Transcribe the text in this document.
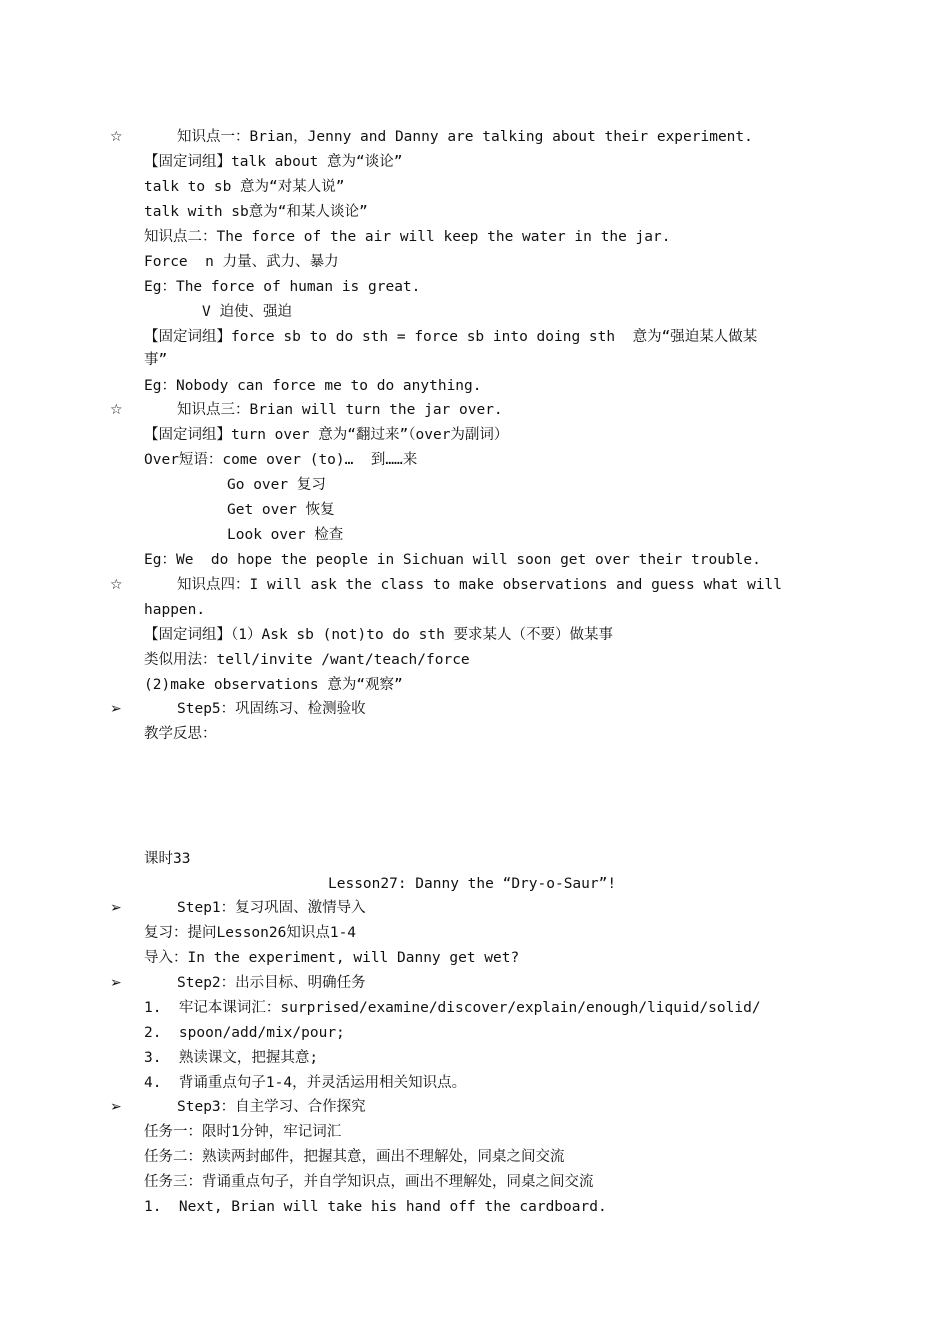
☆	知识点一：Brian，Jenny and Danny are talking about their experiment.
【固定词组】talk about 意为“谈论”
talk to sb 意为“对某人说”
talk with sb意为“和某人谈论”
知识点二：The force of the air will keep the water in the jar.
Force  n 力量、武力、暴力
Eg：The force of human is great.
V 迫使、强迫
【固定词组】force sb to do sth = force sb into doing sth  意为“强迫某人做某
事”
Eg：Nobody can force me to do anything.
☆	知识点三：Brian will turn the jar over.
【固定词组】turn over 意为“翻过来”（over为副词）
Over短语：come over (to)…  到……来
Go over 复习
Get over 恢复
Look over 检查
Eg：We  do hope the people in Sichuan will soon get over their trouble.
☆	知识点四：I will ask the class to make observations and guess what will
happen.
【固定词组】（1）Ask sb (not)to do sth 要求某人（不要）做某事
类似用法：tell/invite /want/teach/force
(2)make observations 意为“观察”
➢	Step5：巩固练习、检测验收
教学反思：
课时33
Lesson27: Danny the “Dry-o-Saur”!
➢	Step1：复习巩固、激情导入
复习：提问Lesson26知识点1-4
导入：In the experiment, will Danny get wet?
➢	Step2：出示目标、明确任务
1.  牢记本课词汇：surprised/examine/discover/explain/enough/liquid/solid/
2.  spoon/add/mix/pour;
3.  熟读课文，把握其意;
4.  背诵重点句子1-4，并灵活运用相关知识点。
➢	Step3：自主学习、合作探究
任务一：限时1分钟，牢记词汇
任务二：熟读两封邮件，把握其意，画出不理解处，同桌之间交流
任务三：背诵重点句子，并自学知识点，画出不理解处，同桌之间交流
1.  Next, Brian will take his hand off the cardboard.
